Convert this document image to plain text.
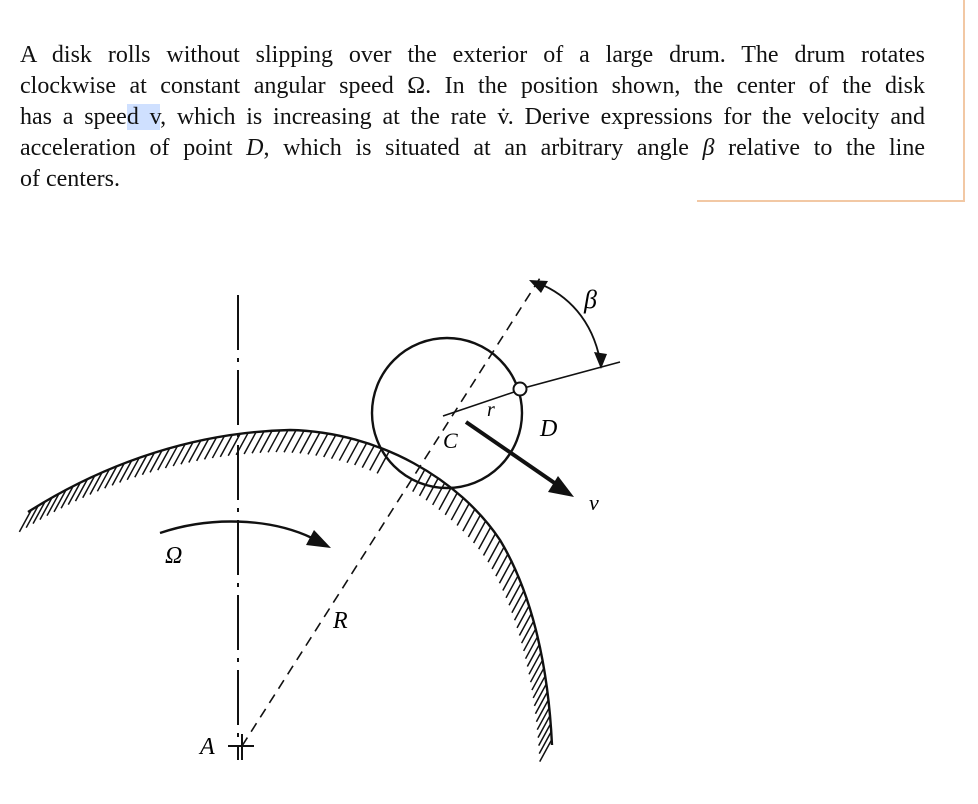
A disk rolls without slipping over the exterior of a large drum. The drum rotates
clockwise at constant angular speed Ω. In the position shown, the center of the disk
has a speed v, which is increasing at the rate v̇. Derive expressions for the velocity and
acceleration of point D, which is situated at an arbitrary angle β relative to the line
of centers.
β
r
D
C
v
Ω
R
A
